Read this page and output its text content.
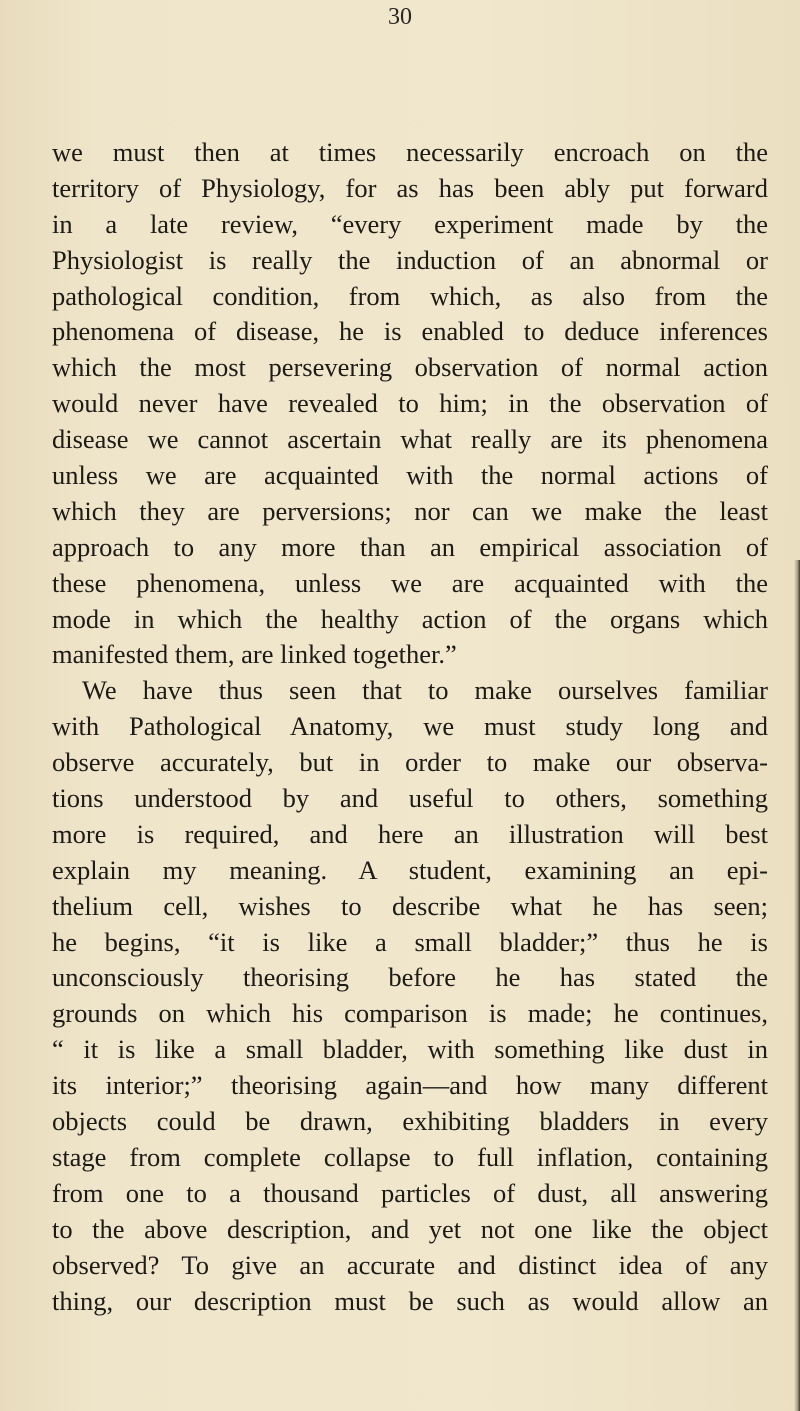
30
we must then at times necessarily encroach on the
territory of Physiology, for as has been ably put forward
in a late review, “every experiment made by the
Physiologist is really the induction of an abnormal or
pathological condition, from which, as also from the
phenomena of disease, he is enabled to deduce inferences
which the most persevering observation of normal action
would never have revealed to him; in the observation of
disease we cannot ascertain what really are its phenomena
unless we are acquainted with the normal actions of
which they are perversions; nor can we make the least
approach to any more than an empirical association of
these phenomena, unless we are acquainted with the
mode in which the healthy action of the organs which
manifested them, are linked together.”
We have thus seen that to make ourselves familiar
with Pathological Anatomy, we must study long and
observe accurately, but in order to make our observa-
tions understood by and useful to others, something
more is required, and here an illustration will best
explain my meaning. A student, examining an epi-
thelium cell, wishes to describe what he has seen;
he begins, “it is like a small bladder;” thus he is
unconsciously theorising before he has stated the
grounds on which his comparison is made; he continues,
“ it is like a small bladder, with something like dust in
its interior;” theorising again—and how many different
objects could be drawn, exhibiting bladders in every
stage from complete collapse to full inflation, containing
from one to a thousand particles of dust, all answering
to the above description, and yet not one like the object
observed? To give an accurate and distinct idea of any
thing, our description must be such as would allow an
